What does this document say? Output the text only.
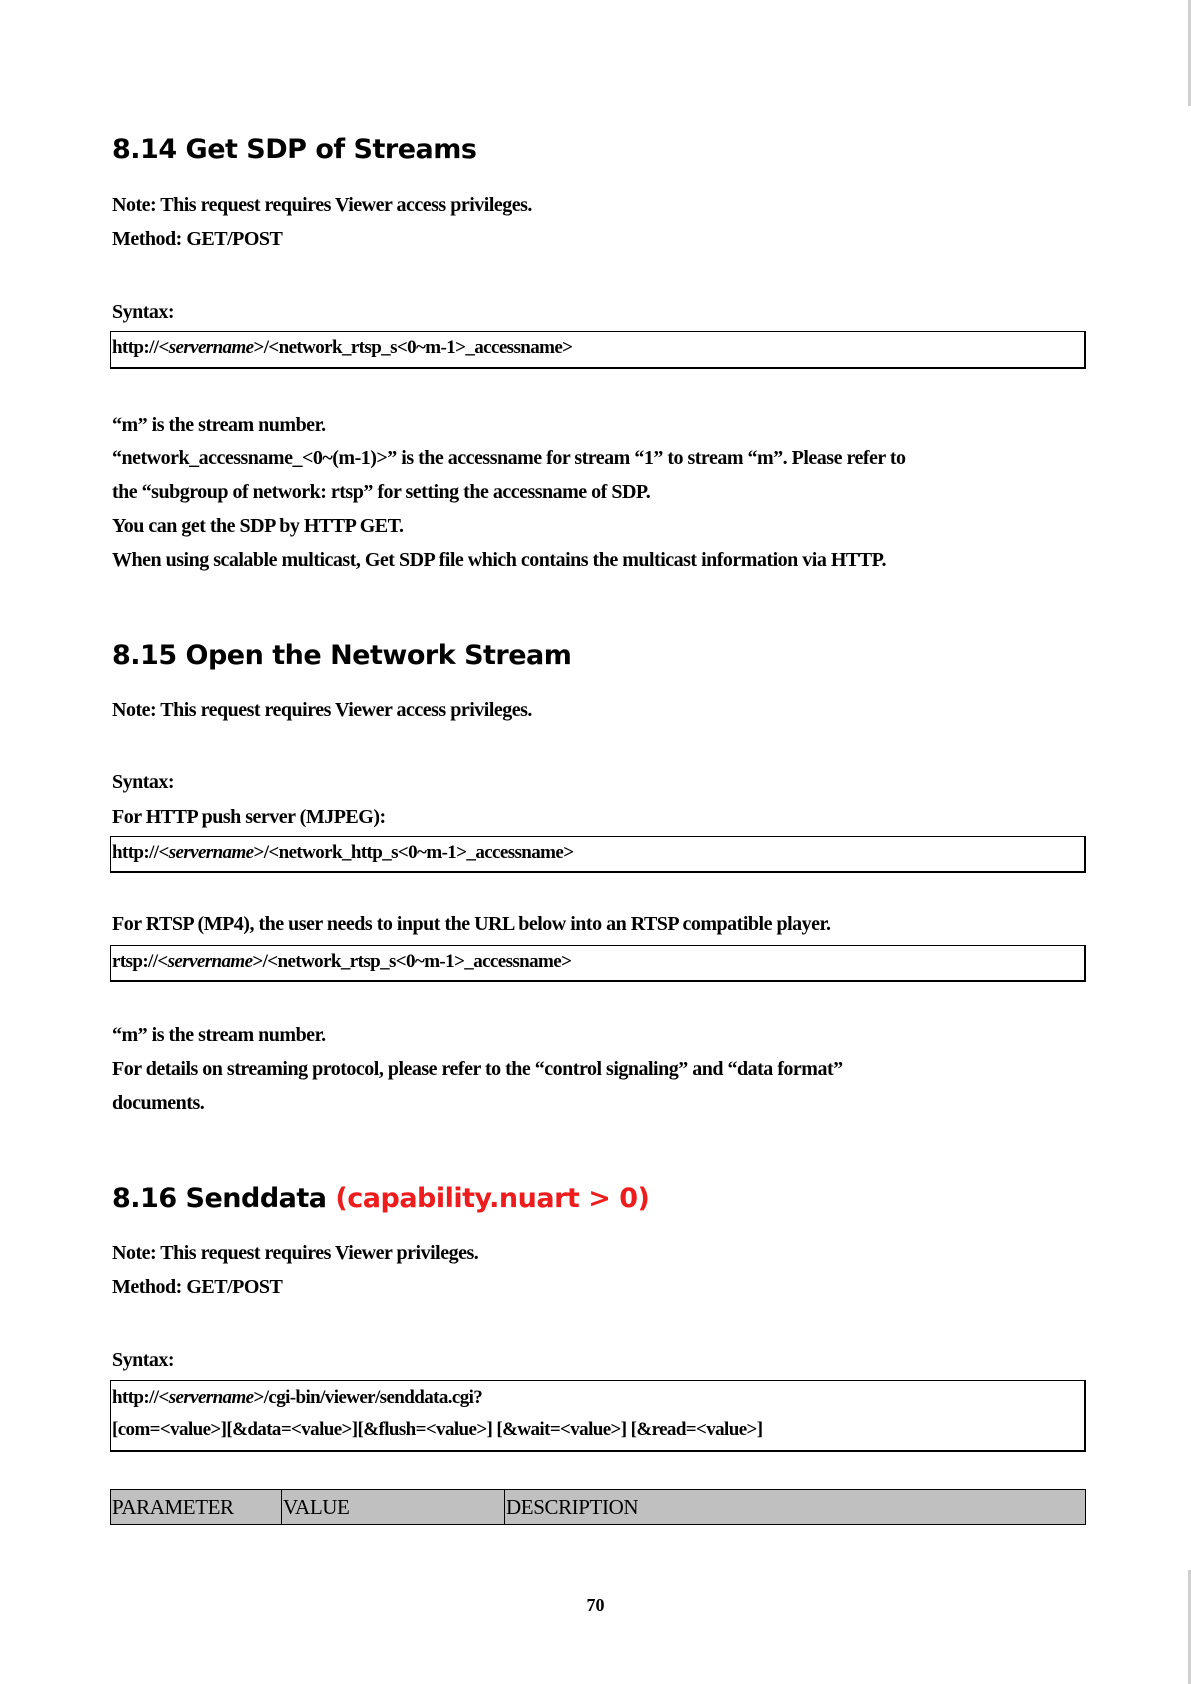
8.14 Get SDP of Streams

Note: This request requires Viewer access privileges.

Method: GET/POST

Syntax:

http://<servername>/<network_rtsp_s<0~m-1>_accessname>

“m” is the stream number.

“network_accessname_<0~(m-1)>” is the accessname for stream “1” to stream “m”. Please refer to

the “subgroup of network: rtsp” for setting the accessname of SDP.

You can get the SDP by HTTP GET.

When using scalable multicast, Get SDP file which contains the multicast information via HTTP.

8.15 Open the Network Stream

Note: This request requires Viewer access privileges.

Syntax:

For HTTP push server (MJPEG):

http://<servername>/<network_http_s<0~m-1>_accessname>

For RTSP (MP4), the user needs to input the URL below into an RTSP compatible player.

rtsp://<servername>/<network_rtsp_s<0~m-1>_accessname>

“m” is the stream number.

For details on streaming protocol, please refer to the “control signaling” and “data format”

documents.

8.16 Senddata (capability.nuart > 0)

Note: This request requires Viewer privileges.

Method: GET/POST

Syntax:

http://<servername>/cgi-bin/viewer/senddata.cgi?
[com=<value>][&data=<value>][&flush=<value>] [&wait=<value>] [&read=<value>]
PARAMETER	VALUE	DESCRIPTION
70
